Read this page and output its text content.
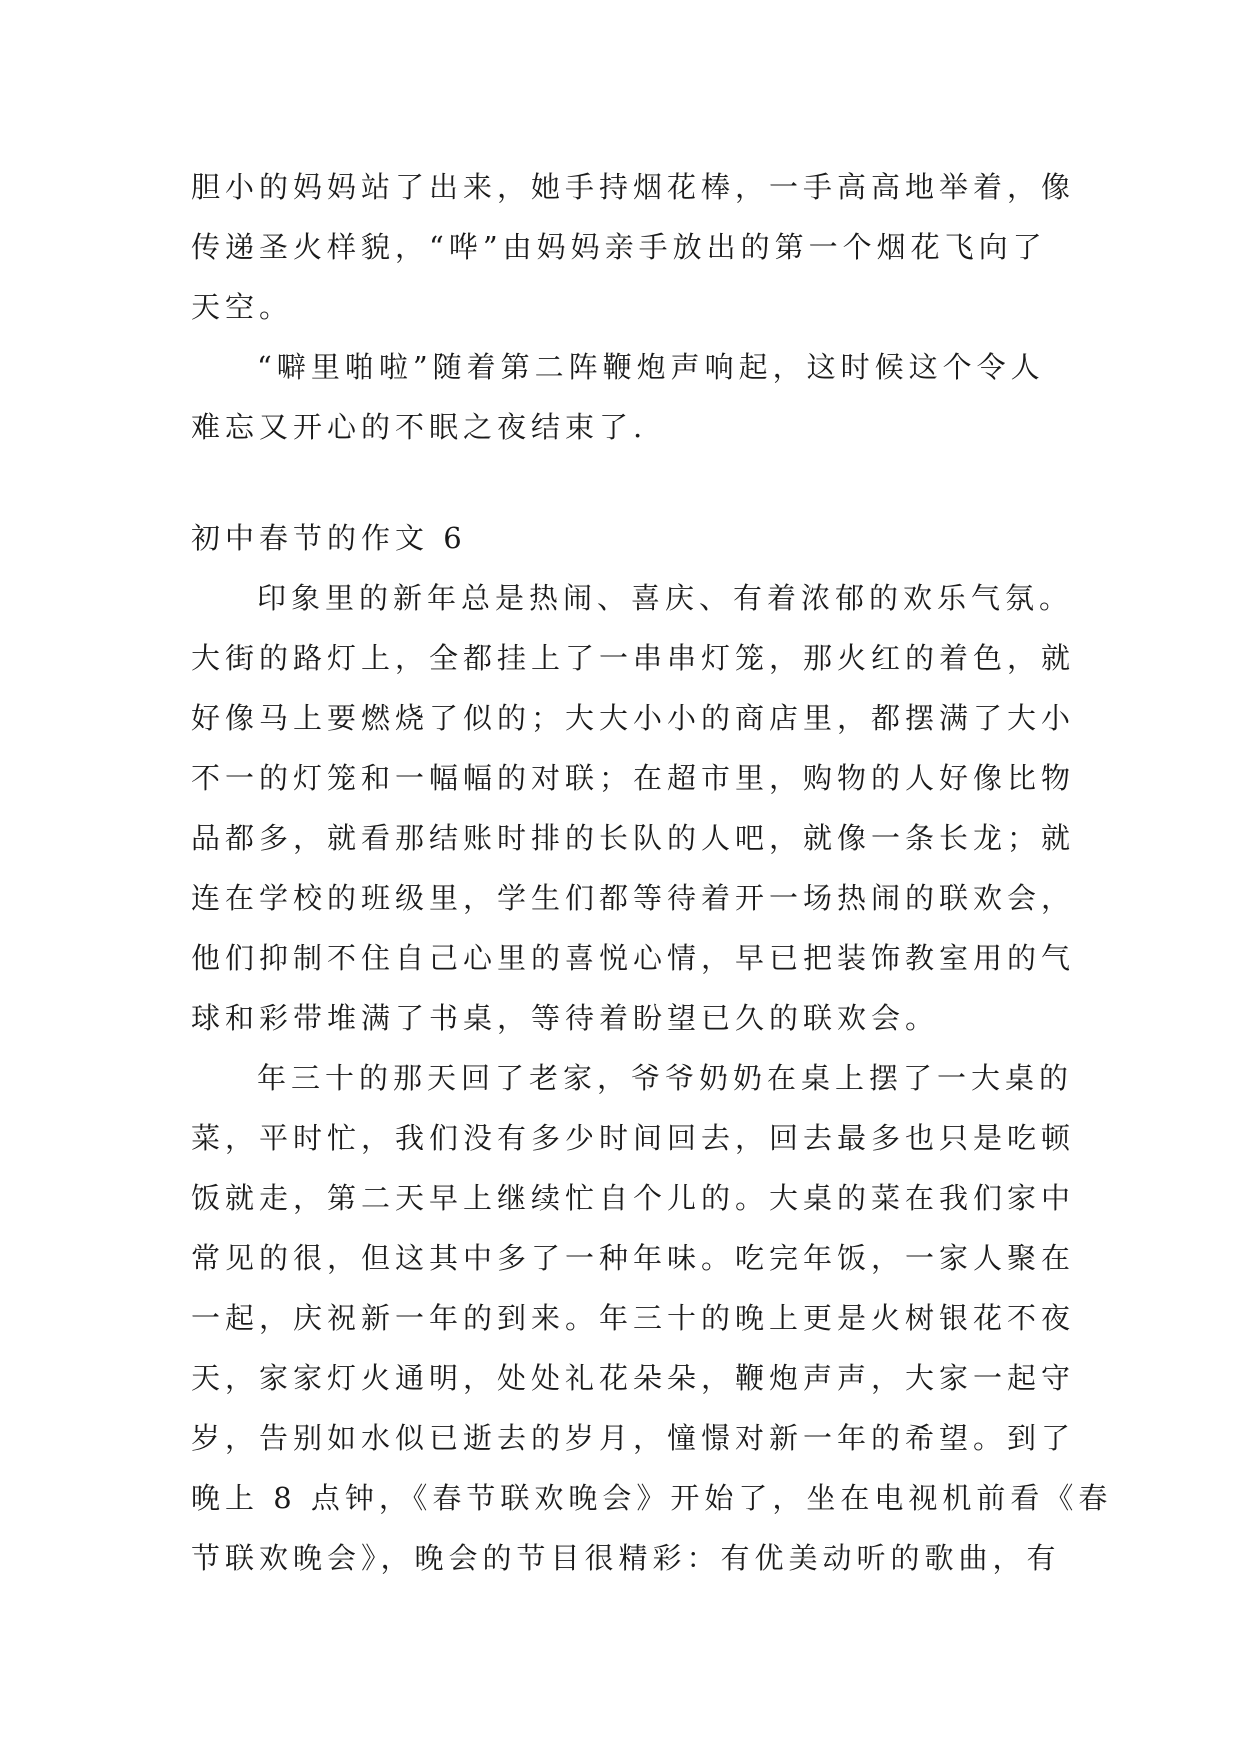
胆小的妈妈站了出来，她手持烟花棒，一手高高地举着，像
传递圣火样貌，“哗”由妈妈亲手放出的第一个烟花飞向了
天空。
“噼里啪啦”随着第二阵鞭炮声响起，这时候这个令人
难忘又开心的不眠之夜结束了.
初中春节的作文 6
印象里的新年总是热闹、喜庆、有着浓郁的欢乐气氛。
大街的路灯上，全都挂上了一串串灯笼，那火红的着色，就
好像马上要燃烧了似的；大大小小的商店里，都摆满了大小
不一的灯笼和一幅幅的对联；在超市里，购物的人好像比物
品都多，就看那结账时排的长队的人吧，就像一条长龙；就
连在学校的班级里，学生们都等待着开一场热闹的联欢会，
他们抑制不住自己心里的喜悦心情，早已把装饰教室用的气
球和彩带堆满了书桌，等待着盼望已久的联欢会。
年三十的那天回了老家，爷爷奶奶在桌上摆了一大桌的
菜，平时忙，我们没有多少时间回去，回去最多也只是吃顿
饭就走，第二天早上继续忙自个儿的。大桌的菜在我们家中
常见的很，但这其中多了一种年味。吃完年饭，一家人聚在
一起，庆祝新一年的到来。年三十的晚上更是火树银花不夜
天，家家灯火通明，处处礼花朵朵，鞭炮声声，大家一起守
岁，告别如水似已逝去的岁月，憧憬对新一年的希望。到了
晚上 8 点钟，《春节联欢晚会》开始了，坐在电视机前看《春
节联欢晚会》，晚会的节目很精彩：有优美动听的歌曲，有
